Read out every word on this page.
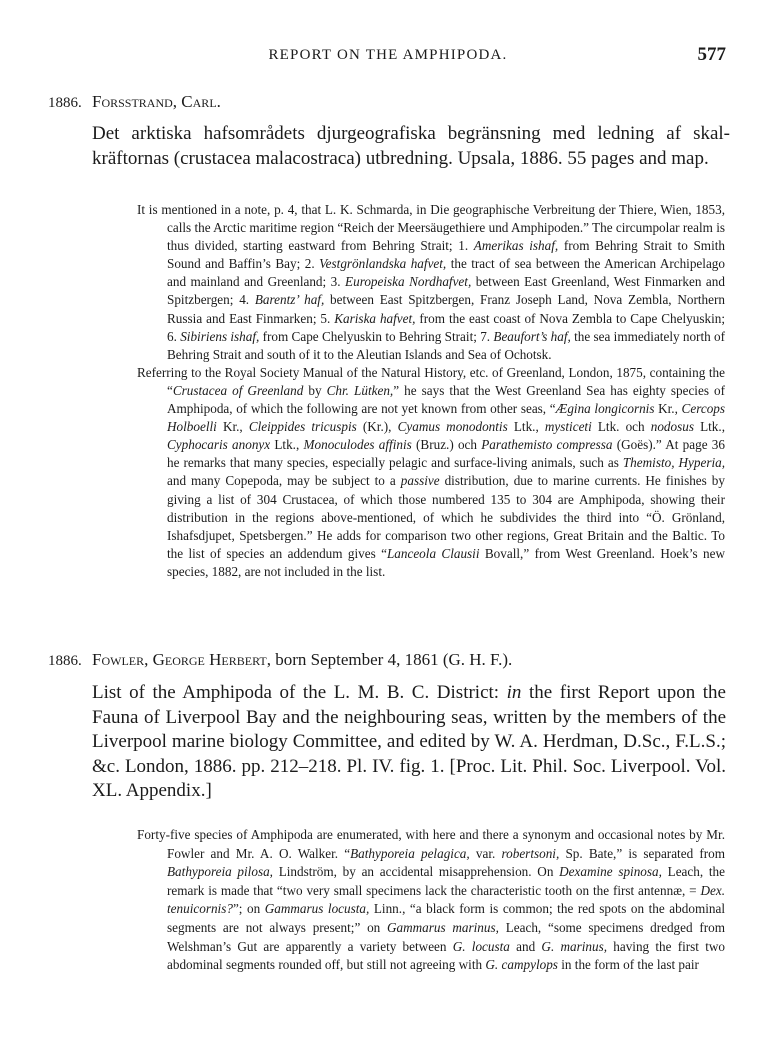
REPORT ON THE AMPHIPODA.	577
1886. Forsstrand, Carl.
Det arktiska hafsområdets djurgeografiska begränsning med ledning af skalkräftornas (crustacea malacostraca) utbredning. Upsala, 1886. 55 pages and map.

It is mentioned in a note, p. 4, that L. K. Schmarda, in Die geographische Verbreitung der Thiere, Wien, 1853, calls the Arctic maritime region “Reich der Meersäugethiere und Amphipoden.” The circumpolar realm is thus divided, starting eastward from Behring Strait; 1. Amerikas ishaf, from Behring Strait to Smith Sound and Baffin’s Bay; 2. Vestgrönlandska hafvet, the tract of sea between the American Archipelago and mainland and Greenland; 3. Europeiska Nordhafvet, between East Greenland, West Finmarken and Spitzbergen; 4. Barentz’ haf, between East Spitzbergen, Franz Joseph Land, Nova Zembla, Northern Russia and East Finmarken; 5. Kariska hafvet, from the east coast of Nova Zembla to Cape Chelyuskin; 6. Sibiriens ishaf, from Cape Chelyuskin to Behring Strait; 7. Beaufort’s haf, the sea immediately north of Behring Strait and south of it to the Aleutian Islands and Sea of Ochotsk.

Referring to the Royal Society Manual of the Natural History, etc. of Greenland, London, 1875, containing the “Crustacea of Greenland by Chr. Lütken,” he says that the West Greenland Sea has eighty species of Amphipoda, of which the following are not yet known from other seas, “Ægina longicornis Kr., Cercops Holboelli Kr., Cleippides tricuspis (Kr.), Cyamus monodontis Ltk., mysticeti Ltk. och nodosus Ltk., Cyphocaris anonyx Ltk., Monoculodes affinis (Bruz.) och Parathemisto compressa (Goës).” At page 36 he remarks that many species, especially pelagic and surface-living animals, such as Themisto, Hyperia, and many Copepoda, may be subject to a passive distribution, due to marine currents. He finishes by giving a list of 304 Crustacea, of which those numbered 135 to 304 are Amphipoda, showing their distribution in the regions above-mentioned, of which he subdivides the third into “Ö. Grönland, Ishafsdjupet, Spetsbergen.” He adds for comparison two other regions, Great Britain and the Baltic. To the list of species an addendum gives “Lanceola Clausii Bovall,” from West Greenland. Hoek’s new species, 1882, are not included in the list.

1886. Fowler, George Herbert, born September 4, 1861 (G. H. F.).
List of the Amphipoda of the L. M. B. C. District: in the first Report upon the Fauna of Liverpool Bay and the neighbouring seas, written by the members of the Liverpool marine biology Committee, and edited by W. A. Herdman, D.Sc., F.L.S.; &c. London, 1886. pp. 212–218. Pl. IV. fig. 1. [Proc. Lit. Phil. Soc. Liverpool. Vol. XL. Appendix.]

Forty-five species of Amphipoda are enumerated, with here and there a synonym and occasional notes by Mr. Fowler and Mr. A. O. Walker. “Bathyporeia pelagica, var. robertsoni, Sp. Bate,” is separated from Bathyporeia pilosa, Lindström, by an accidental misapprehension. On Dexamine spinosa, Leach, the remark is made that “two very small specimens lack the characteristic tooth on the first antennæ, = Dex. tenuicornis?”; on Gammarus locusta, Linn., “a black form is common; the red spots on the abdominal segments are not always present;” on Gammarus marinus, Leach, “some specimens dredged from Welshman’s Gut are apparently a variety between G. locusta and G. marinus, having the first two abdominal segments rounded off, but still not agreeing with G. campylops in the form of the last pair
